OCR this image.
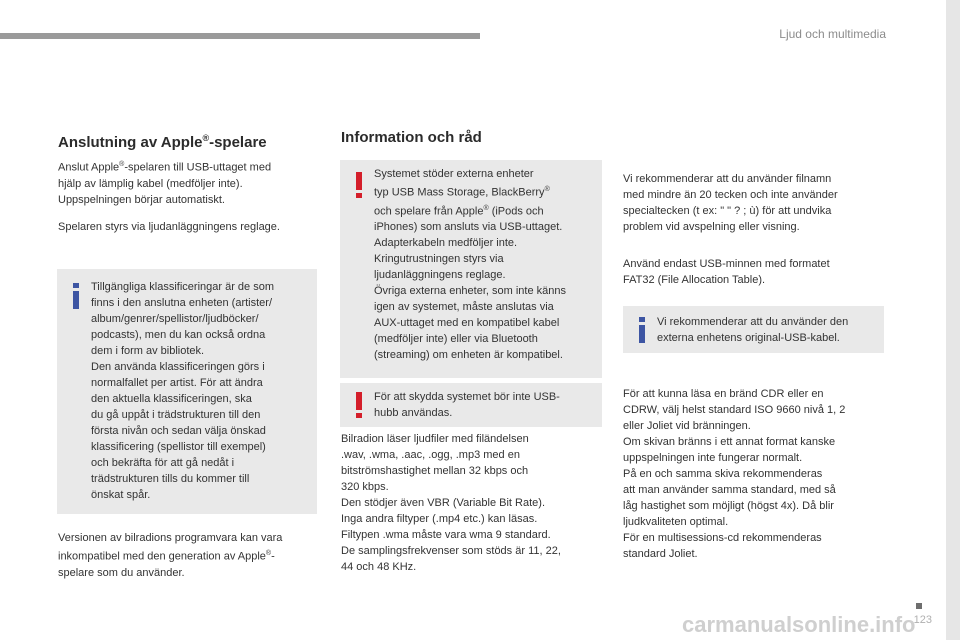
Ljud och multimedia
Anslutning av Apple®-spelare
Anslut Apple®-spelaren till USB-uttaget med
hjälp av lämplig kabel (medföljer inte).
Uppspelningen börjar automatiskt.
Spelaren styrs via ljudanläggningens reglage.
Tillgängliga klassificeringar är de som
finns i den anslutna enheten (artister/
album/genrer/spellistor/ljudböcker/
podcasts), men du kan också ordna
dem i form av bibliotek.
Den använda klassificeringen görs i
normalfallet per artist. För att ändra
den aktuella klassificeringen, ska
du gå uppåt i trädstrukturen till den
första nivån och sedan välja önskad
klassificering (spellistor till exempel)
och bekräfta för att gå nedåt i
trädstrukturen tills du kommer till
önskat spår.
Versionen av bilradions programvara kan vara
inkompatibel med den generation av Apple®-
spelare som du använder.
Information och råd
Systemet stöder externa enheter
typ USB Mass Storage, BlackBerry®
och spelare från Apple® (iPods och
iPhones) som ansluts via USB-uttaget.
Adapterkabeln medföljer inte.
Kringutrustningen styrs via
ljudanläggningens reglage.
Övriga externa enheter, som inte känns
igen av systemet, måste anslutas via
AUX-uttaget med en kompatibel kabel
(medföljer inte) eller via Bluetooth
(streaming) om enheten är kompatibel.
För att skydda systemet bör inte USB-
hubb användas.
Bilradion läser ljudfiler med filändelsen
.wav, .wma, .aac, .ogg, .mp3 med en
bitströmshastighet mellan 32 kbps och
320 kbps.
Den stödjer även VBR (Variable Bit Rate).
Inga andra filtyper (.mp4 etc.) kan läsas.
Filtypen .wma måste vara wma 9 standard.
De samplingsfrekvenser som stöds är 11, 22,
44 och 48 KHz.
Vi rekommenderar att du använder filnamn
med mindre än 20 tecken och inte använder
specialtecken (t ex: " " ? ; ù) för att undvika
problem vid avspelning eller visning.
Använd endast USB-minnen med formatet
FAT32 (File Allocation Table).
Vi rekommenderar att du använder den
externa enhetens original-USB-kabel.
För att kunna läsa en bränd CDR eller en
CDRW, välj helst standard ISO 9660 nivå 1, 2
eller Joliet vid bränningen.
Om skivan bränns i ett annat format kanske
uppspelningen inte fungerar normalt.
På en och samma skiva rekommenderas
att man använder samma standard, med så
låg hastighet som möjligt (högst 4x). Då blir
ljudkvaliteten optimal.
För en multisessions-cd rekommenderas
standard Joliet.
123
carmanualsonline.info
